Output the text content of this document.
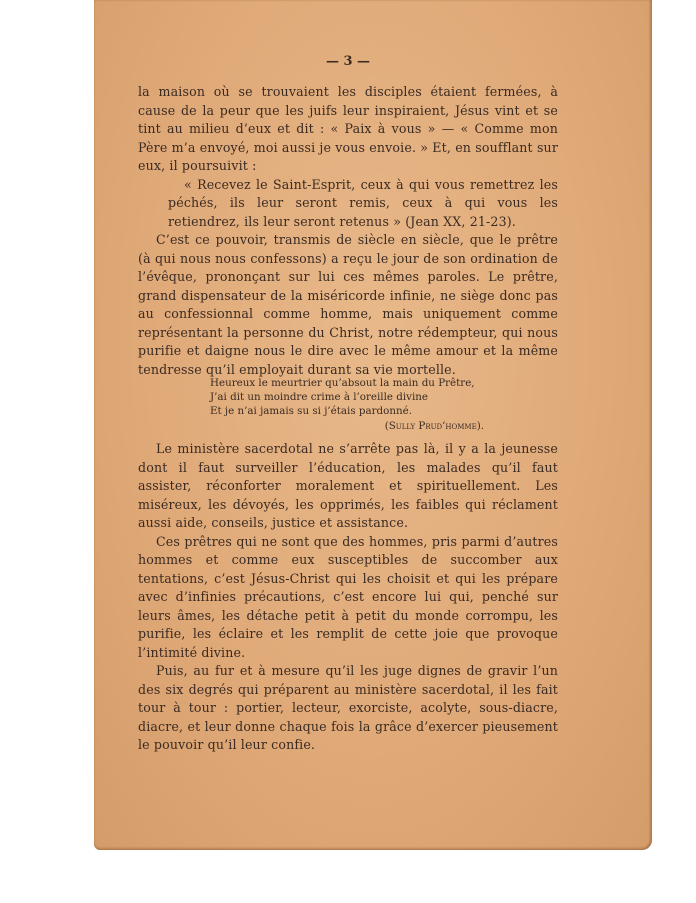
— 3 —

la maison où se trouvaient les disciples étaient fermées, à cause de la peur que les juifs leur inspiraient, Jésus vint et se tint au milieu d’eux et dit : « Paix à vous » — « Comme mon Père m’a envoyé, moi aussi je vous envoie. » Et, en soufflant sur eux, il poursuivit :

« Recevez le Saint-Esprit, ceux à qui vous remettrez les péchés, ils leur seront remis, ceux à qui vous les retiendrez, ils leur seront retenus » (Jean XX, 21-23).

C’est ce pouvoir, transmis de siècle en siècle, que le prêtre (à qui nous nous confessons) a reçu le jour de son ordination de l’évêque, prononçant sur lui ces mêmes paroles. Le prêtre, grand dispensateur de la miséricorde infinie, ne siège donc pas au confessionnal comme homme, mais uniquement comme représentant la personne du Christ, notre rédempteur, qui nous purifie et daigne nous le dire avec le même amour et la même tendresse qu’il employait durant sa vie mortelle.

Heureux le meurtrier qu’absout la main du Prêtre,
J’ai dit un moindre crime à l’oreille divine
Et je n’ai jamais su si j’étais pardonné.
(Sully Prud’homme).

Le ministère sacerdotal ne s’arrête pas là, il y a la jeunesse dont il faut surveiller l’éducation, les malades qu’il faut assister, réconforter moralement et spirituellement. Les miséreux, les dévoyés, les opprimés, les faibles qui réclament aussi aide, conseils, justice et assistance.

Ces prêtres qui ne sont que des hommes, pris parmi d’autres hommes et comme eux susceptibles de succomber aux tentations, c’est Jésus-Christ qui les choisit et qui les prépare avec d’infinies précautions, c’est encore lui qui, penché sur leurs âmes, les détache petit à petit du monde corrompu, les purifie, les éclaire et les remplit de cette joie que provoque l’intimité divine.

Puis, au fur et à mesure qu’il les juge dignes de gravir l’un des six degrés qui préparent au ministère sacerdotal, il les fait tour à tour : portier, lecteur, exorciste, acolyte, sous-diacre, diacre, et leur donne chaque fois la grâce d’exercer pieusement le pouvoir qu’il leur confie.
